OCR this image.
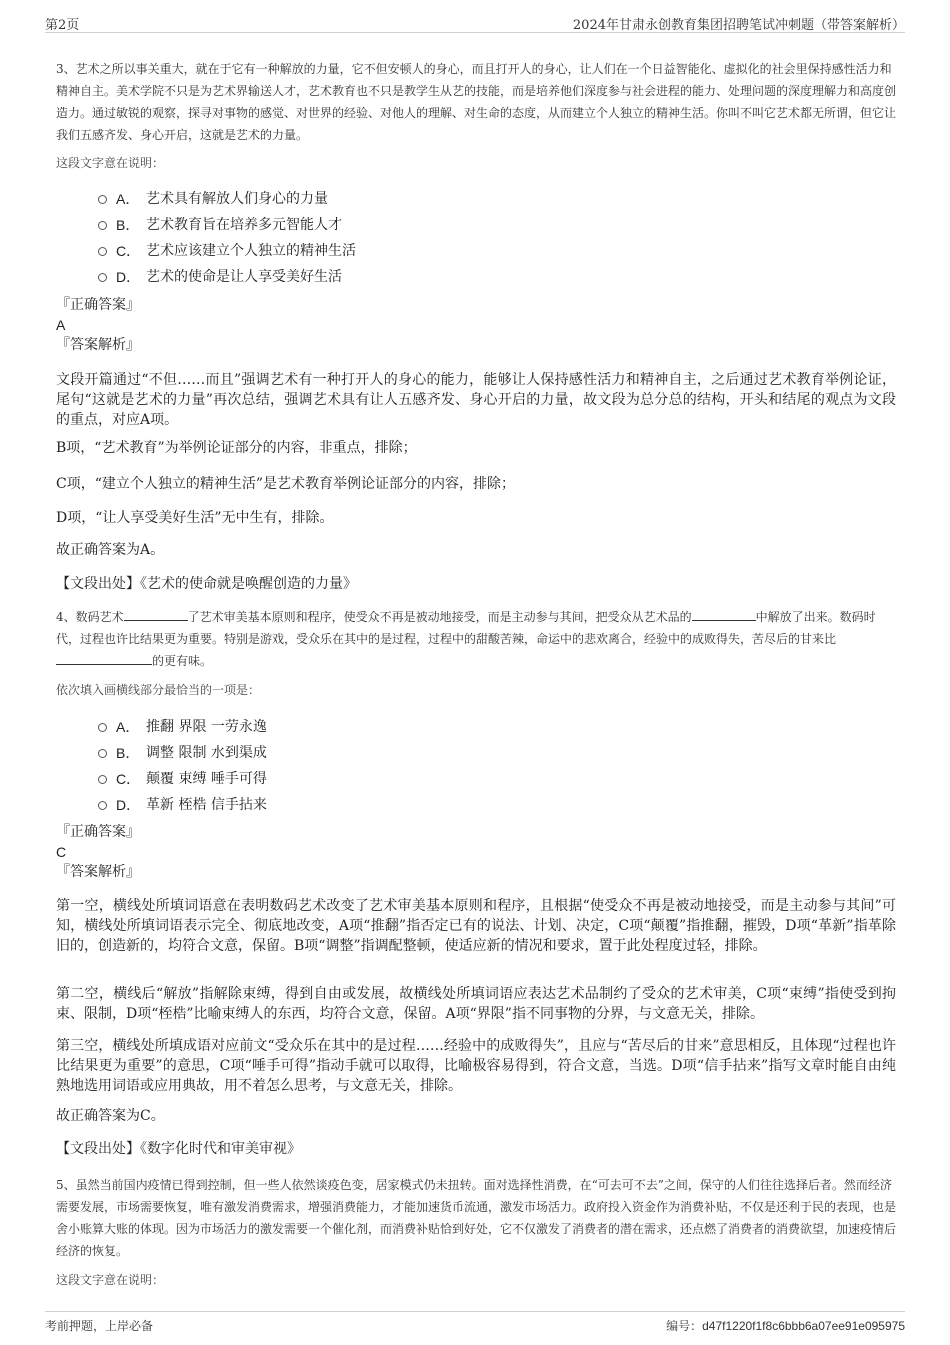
第2页	2024年甘肃永创教育集团招聘笔试冲刺题（带答案解析）

3、艺术之所以事关重大，就在于它有一种解放的力量，它不但安顿人的身心，而且打开人的身心，让人们在一个日益智能化、虚拟化的社会里保持感性活力和精神自主。美术学院不只是为艺术界输送人才，艺术教育也不只是教学生从艺的技能，而是培养他们深度参与社会进程的能力、处理问题的深度理解力和高度创造力。通过敏锐的观察，探寻对事物的感觉、对世界的经验、对他人的理解、对生命的态度，从而建立个人独立的精神生活。你叫不叫它艺术都无所谓，但它让我们五感齐发、身心开启，这就是艺术的力量。

这段文字意在说明：

A． 艺术具有解放人们身心的力量
B． 艺术教育旨在培养多元智能人才
C． 艺术应该建立个人独立的精神生活
D． 艺术的使命是让人享受美好生活
『正确答案』
A
『答案解析』

文段开篇通过“不但……而且”强调艺术有一种打开人的身心的能力，能够让人保持感性活力和精神自主，之后通过艺术教育举例论证，尾句“这就是艺术的力量”再次总结，强调艺术具有让人五感齐发、身心开启的力量，故文段为总分总的结构，开头和结尾的观点为文段的重点，对应A项。

B项，“艺术教育”为举例论证部分的内容，非重点，排除；

C项，“建立个人独立的精神生活”是艺术教育举例论证部分的内容，排除；

D项，“让人享受美好生活”无中生有，排除。

故正确答案为A。

【文段出处】《艺术的使命就是唤醒创造的力量》

4、数码艺术	了艺术审美基本原则和程序，使受众不再是被动地接受，而是主动参与其间，把受众从艺术品的	中解放了出来。数码时代，过程也许比结果更为重要。特别是游戏，受众乐在其中的是过程，过程中的甜酸苦辣，命运中的悲欢离合，经验中的成败得失，苦尽后的甘来比的更有味。

依次填入画横线部分最恰当的一项是：

A． 推翻 界限 一劳永逸
B． 调整 限制 水到渠成
C． 颠覆 束缚 唾手可得
D． 革新 桎梏 信手拈来
『正确答案』
C
『答案解析』

第一空，横线处所填词语意在表明数码艺术改变了艺术审美基本原则和程序，且根据“使受众不再是被动地接受，而是主动参与其间”可知，横线处所填词语表示完全、彻底地改变，A项“推翻”指否定已有的说法、计划、决定，C项“颠覆”指推翻，摧毁，D项“革新”指革除旧的，创造新的，均符合文意，保留。B项“调整”指调配整顿，使适应新的情况和要求，置于此处程度过轻，排除。

第二空，横线后“解放”指解除束缚，得到自由或发展，故横线处所填词语应表达艺术品制约了受众的艺术审美，C项“束缚”指使受到拘束、限制，D项“桎梏”比喻束缚人的东西，均符合文意，保留。A项“界限”指不同事物的分界，与文意无关，排除。

第三空，横线处所填成语对应前文“受众乐在其中的是过程……经验中的成败得失”，且应与“苦尽后的甘来”意思相反，且体现“过程也许比结果更为重要”的意思，C项“唾手可得”指动手就可以取得，比喻极容易得到，符合文意，当选。D项“信手拈来”指写文章时能自由纯熟地选用词语或应用典故，用不着怎么思考，与文意无关，排除。

故正确答案为C。

【文段出处】《数字化时代和审美审视》

5、虽然当前国内疫情已得到控制，但一些人依然谈疫色变，居家模式仍未扭转。面对选择性消费，在“可去可不去”之间，保守的人们往往选择后者。然而经济需要发展，市场需要恢复，唯有激发消费需求，增强消费能力，才能加速货币流通，激发市场活力。政府投入资金作为消费补贴，不仅是还利于民的表现，也是舍小账算大账的体现。因为市场活力的激发需要一个催化剂，而消费补贴恰到好处，它不仅激发了消费者的潜在需求，还点燃了消费者的消费欲望，加速疫情后经济的恢复。

这段文字意在说明：

考前押题，上岸必备	编号：d47f1220f1f8c6bbb6a07ee91e095975
